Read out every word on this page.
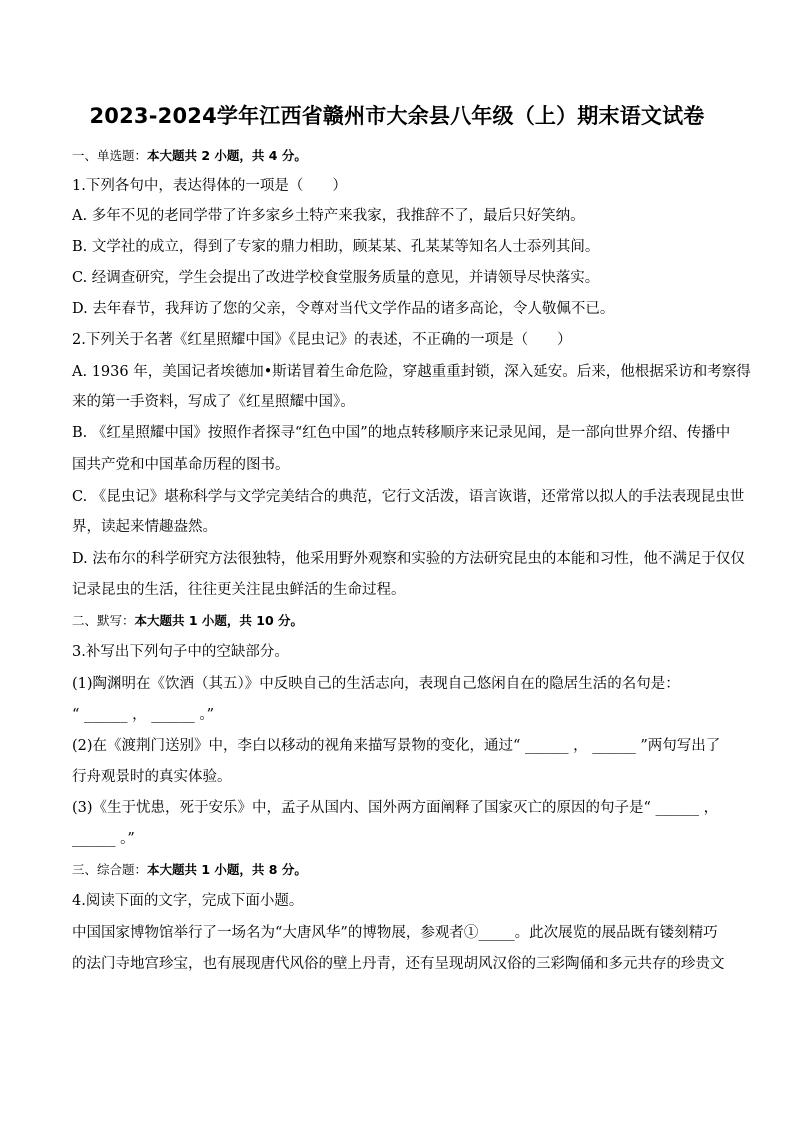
2023-2024学年江西省赣州市大余县八年级（上）期末语文试卷
一、单选题：本大题共 2 小题，共 4 分。
1.下列各句中，表达得体的一项是（　　）
A. 多年不见的老同学带了许多家乡土特产来我家，我推辞不了，最后只好笑纳。
B. 文学社的成立，得到了专家的鼎力相助，顾某某、孔某某等知名人士忝列其间。
C. 经调查研究，学生会提出了改进学校食堂服务质量的意见，并请领导尽快落实。
D. 去年春节，我拜访了您的父亲，令尊对当代文学作品的诸多高论，令人敬佩不已。
2.下列关于名著《红星照耀中国》《昆虫记》的表述，不正确的一项是（　　）
A. 1936 年，美国记者埃德加•斯诺冒着生命危险，穿越重重封锁，深入延安。后来，他根据采访和考察得
来的第一手资料，写成了《红星照耀中国》。
B. 《红星照耀中国》按照作者探寻“红色中国”的地点转移顺序来记录见闻，是一部向世界介绍、传播中
国共产党和中国革命历程的图书。
C. 《昆虫记》堪称科学与文学完美结合的典范，它行文活泼，语言诙谐，还常常以拟人的手法表现昆虫世
界，读起来情趣盎然。
D. 法布尔的科学研究方法很独特，他采用野外观察和实验的方法研究昆虫的本能和习性，他不满足于仅仅
记录昆虫的生活，往往更关注昆虫鲜活的生命过程。
二、默写：本大题共 1 小题，共 10 分。
3.补写出下列句子中的空缺部分。
(1)陶渊明在《饮酒（其五）》中反映自己的生活志向，表现自己悠闲自在的隐居生活的名句是：
“ ______ ， ______ 。”
(2)在《渡荆门送别》中，李白以移动的视角来描写景物的变化，通过“ ______ ， ______ ”两句写出了
行舟观景时的真实体验。
(3)《生于忧患，死于安乐》中，孟子从国内、国外两方面阐释了国家灭亡的原因的句子是“ ______ ，
______ 。”
三、综合题：本大题共 1 小题，共 8 分。
4.阅读下面的文字，完成下面小题。
中国国家博物馆举行了一场名为“大唐风华”的博物展，参观者①_____。此次展览的展品既有镂刻精巧
的法门寺地宫珍宝，也有展现唐代风俗的壁上丹青，还有呈现胡风汉俗的三彩陶俑和多元共存的珍贵文
